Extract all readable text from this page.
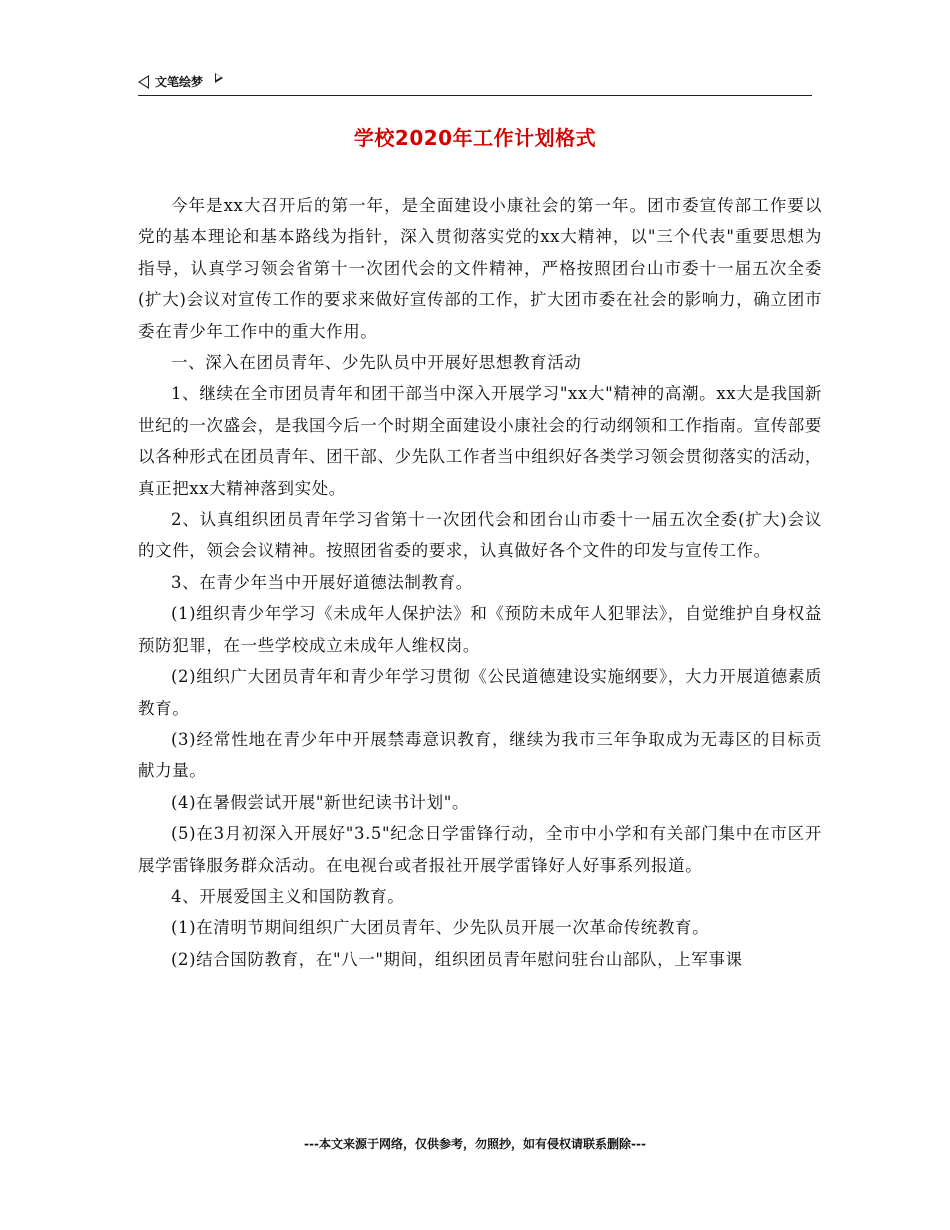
文笔绘梦
学校2020年工作计划格式

今年是xx大召开后的第一年，是全面建设小康社会的第一年。团市委宣传部工作要以党的基本理论和基本路线为指针，深入贯彻落实党的xx大精神，以"三个代表"重要思想为指导，认真学习领会省第十一次团代会的文件精神，严格按照团台山市委十一届五次全委(扩大)会议对宣传工作的要求来做好宣传部的工作，扩大团市委在社会的影响力，确立团市委在青少年工作中的重大作用。

一、深入在团员青年、少先队员中开展好思想教育活动

1、继续在全市团员青年和团干部当中深入开展学习"xx大"精神的高潮。xx大是我国新世纪的一次盛会，是我国今后一个时期全面建设小康社会的行动纲领和工作指南。宣传部要以各种形式在团员青年、团干部、少先队工作者当中组织好各类学习领会贯彻落实的活动，真正把xx大精神落到实处。

2、认真组织团员青年学习省第十一次团代会和团台山市委十一届五次全委(扩大)会议的文件，领会会议精神。按照团省委的要求，认真做好各个文件的印发与宣传工作。

3、在青少年当中开展好道德法制教育。

(1)组织青少年学习《未成年人保护法》和《预防未成年人犯罪法》，自觉维护自身权益预防犯罪，在一些学校成立未成年人维权岗。

(2)组织广大团员青年和青少年学习贯彻《公民道德建设实施纲要》，大力开展道德素质教育。

(3)经常性地在青少年中开展禁毒意识教育，继续为我市三年争取成为无毒区的目标贡献力量。

(4)在暑假尝试开展"新世纪读书计划"。

(5)在3月初深入开展好"3.5"纪念日学雷锋行动，全市中小学和有关部门集中在市区开展学雷锋服务群众活动。在电视台或者报社开展学雷锋好人好事系列报道。

4、开展爱国主义和国防教育。

(1)在清明节期间组织广大团员青年、少先队员开展一次革命传统教育。

(2)结合国防教育，在"八一"期间，组织团员青年慰问驻台山部队，上军事课

---本文来源于网络，仅供参考，勿照抄，如有侵权请联系删除---
